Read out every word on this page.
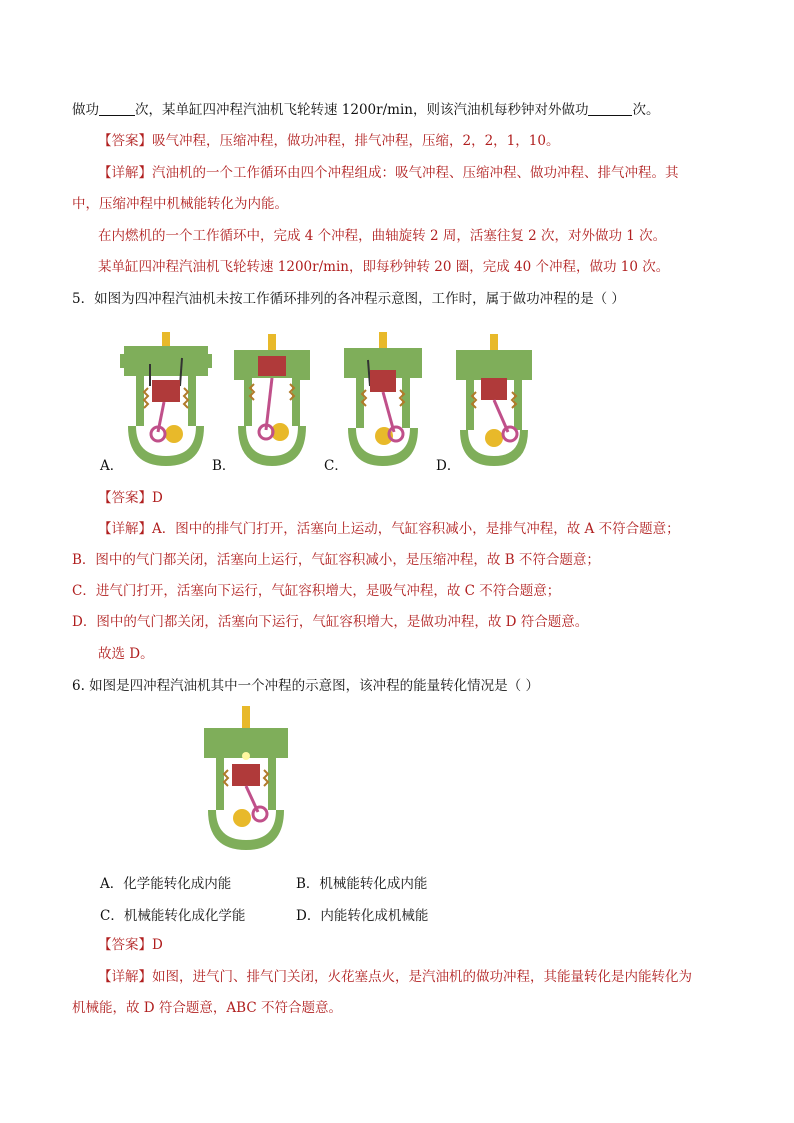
做功	次，某单缸四冲程汽油机飞轮转速 1200r/min，则该汽油机每秒钟对外做功	次。
【答案】吸气冲程，压缩冲程，做功冲程，排气冲程，压缩，2，2，1，10。
【详解】汽油机的一个工作循环由四个冲程组成：吸气冲程、压缩冲程、做功冲程、排气冲程。其
中，压缩冲程中机械能转化为内能。
在内燃机的一个工作循环中，完成 4 个冲程，曲轴旋转 2 周，活塞往复 2 次，对外做功 1 次。
某单缸四冲程汽油机飞轮转速 1200r/min，即每秒钟转 20 圈，完成 40 个冲程，做功 10 次。
5．如图为四冲程汽油机未按工作循环排列的各冲程示意图，工作时，属于做功冲程的是（ ）
A．	B．	C．	D．
【答案】D
【详解】A．图中的排气门打开，活塞向上运动，气缸容积减小，是排气冲程，故 A 不符合题意；
B．图中的气门都关闭，活塞向上运行，气缸容积减小，是压缩冲程，故 B 不符合题意；
C．进气门打开，活塞向下运行，气缸容积增大，是吸气冲程，故 C 不符合题意；
D．图中的气门都关闭，活塞向下运行，气缸容积增大，是做功冲程，故 D 符合题意。
故选 D。
6. 如图是四冲程汽油机其中一个冲程的示意图，该冲程的能量转化情况是（ ）
A．化学能转化成内能	B．机械能转化成内能
C．机械能转化成化学能	D．内能转化成机械能
【答案】D
【详解】如图，进气门、排气门关闭，火花塞点火，是汽油机的做功冲程，其能量转化是内能转化为
机械能，故 D 符合题意，ABC 不符合题意。
